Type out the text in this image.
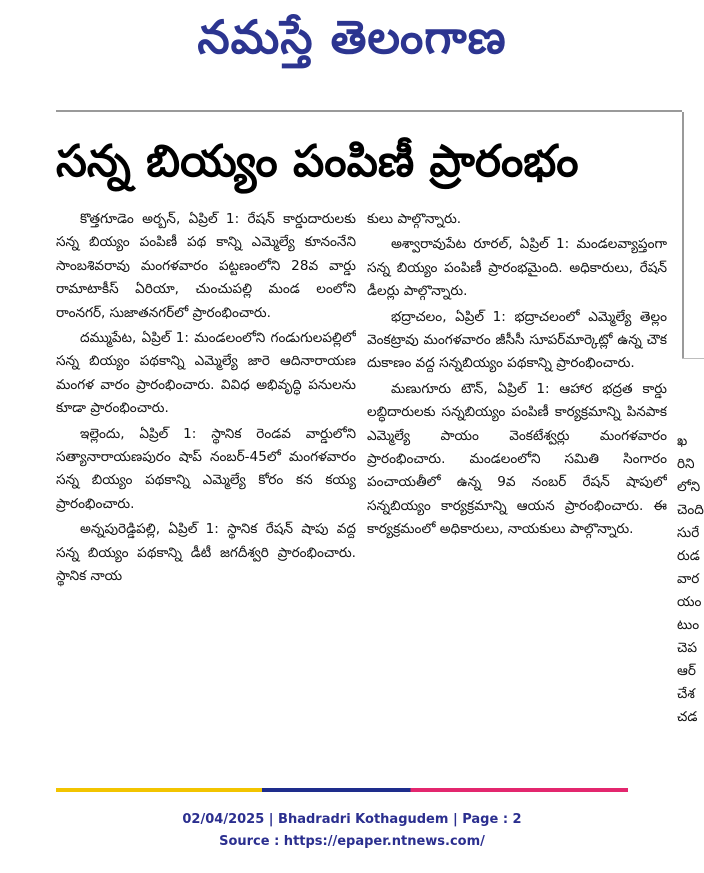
నమస్తే తెలంగాణ
సన్న బియ్యం పంపిణీ ప్రారంభం

కొత్తగూడెం అర్బన్, ఏప్రిల్ 1: రేషన్ కార్డుదారులకు సన్న బియ్యం పంపిణీ పథ కాన్ని ఎమ్మెల్యే కూనంనేని సాంబశివరావు మంగళవారం పట్టణంలోని 28వ వార్డు రామాటాకీస్ ఏరియా, చుంచుపల్లి మండ లంలోని రాంనగర్, సుజాతనగర్‌లో ప్రారంభించారు.

దమ్ముపేట, ఏప్రిల్ 1: మండలంలోని గండుగులపల్లిలో సన్న బియ్యం పథకాన్ని ఎమ్మెల్యే జారె ఆదినారాయణ మంగళ వారం ప్రారంభించారు. వివిధ అభివృద్ధి పనులను కూడా ప్రారంభించారు.

ఇల్లెందు, ఏప్రిల్ 1: స్థానిక రెండవ వార్డులోని సత్యానారాయణపురం షాప్ నంబర్-45లో మంగళవారం సన్న బియ్యం పథకాన్ని ఎమ్మెల్యే కోరం కన కయ్య ప్రారంభించారు.

అన్నపురెడ్డిపల్లి, ఏప్రిల్ 1: స్థానిక రేషన్ షాపు వద్ద సన్న బియ్యం పథకాన్ని డీటీ జగదీశ్వరి ప్రారంభించారు. స్థానిక నాయ

కులు పాల్గొన్నారు.

అశ్వారావుపేట రూరల్, ఏప్రిల్ 1: మండలవ్యాప్తంగా సన్న బియ్యం పంపిణీ ప్రారంభమైంది. అధికారులు, రేషన్ డీలర్లు పాల్గొన్నారు.

భద్రాచలం, ఏప్రిల్ 1: భద్రాచలంలో ఎమ్మెల్యే తెల్లం వెంకట్రావు మంగళవారం జీసీసీ సూపర్‌మార్కెట్లో ఉన్న చౌక దుకాణం వద్ద సన్నబియ్యం పథకాన్ని ప్రారంభించారు.

మణుగూరు టౌన్, ఏప్రిల్ 1: ఆహార భద్రత కార్డు లబ్ధిదారులకు సన్నబియ్యం పంపిణీ కార్యక్రమాన్ని పినపాక ఎమ్మెల్యే పాయం వెంకటేశ్వర్లు మంగళవారం ప్రారంభించారు. మండలంలోని సమితి సింగారం పంచాయతీలో ఉన్న 9వ నంబర్ రేషన్ షాపులో సన్నబియ్యం కార్యక్రమాన్ని ఆయన ప్రారంభించారు. ఈ కార్యక్రమంలో అధికారులు, నాయకులు పాల్గొన్నారు.

ఖ
రిని
లోని
చెంది
సురే
రుడ
వార
యం
టుం
చెప
ఆర్
చేశ
చడ
02/04/2025 | Bhadradri Kothagudem | Page : 2
Source : https://epaper.ntnews.com/
